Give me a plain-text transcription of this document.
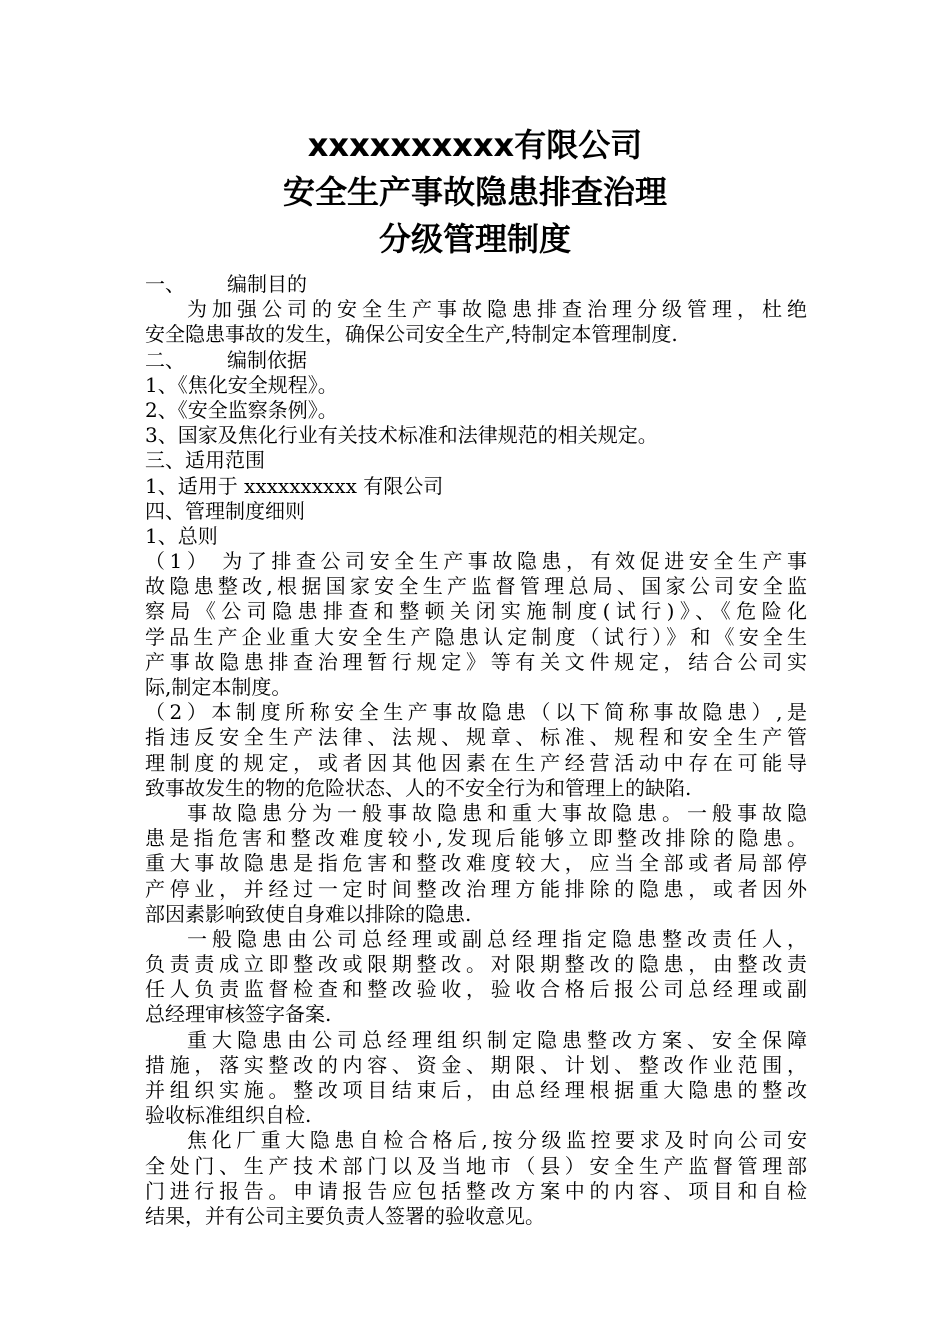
xxxxxxxxxx有限公司
安全生产事故隐患排查治理
分级管理制度
一、 编制目的
为加强公司的安全生产事故隐患排查治理分级管理，杜绝
安全隐患事故的发生，确保公司安全生产,特制定本管理制度.
二、 编制依据
1、《焦化安全规程》。
2、《安全监察条例》。
3、国家及焦化行业有关技术标准和法律规范的相关规定。
三、适用范围
1、适用于 xxxxxxxxxx 有限公司
四、管理制度细则
1、总则
（1） 为了排查公司安全生产事故隐患，有效促进安全生产事
故隐患整改,根据国家安全生产监督管理总局、国家公司安全监
察局《公司隐患排查和整顿关闭实施制度(试行)》、《危险化
学品生产企业重大安全生产隐患认定制度（试行）》和《安全生
产事故隐患排查治理暂行规定》等有关文件规定，结合公司实
际,制定本制度。
（2）本制度所称安全生产事故隐患（以下简称事故隐患）,是
指违反安全生产法律、法规、规章、标准、规程和安全生产管
理制度的规定，或者因其他因素在生产经营活动中存在可能导
致事故发生的物的危险状态、人的不安全行为和管理上的缺陷.
事故隐患分为一般事故隐患和重大事故隐患。一般事故隐
患是指危害和整改难度较小,发现后能够立即整改排除的隐患。
重大事故隐患是指危害和整改难度较大，应当全部或者局部停
产停业，并经过一定时间整改治理方能排除的隐患，或者因外
部因素影响致使自身难以排除的隐患.
一般隐患由公司总经理或副总经理指定隐患整改责任人，
负责责成立即整改或限期整改。对限期整改的隐患，由整改责
任人负责监督检查和整改验收，验收合格后报公司总经理或副
总经理审核签字备案.
重大隐患由公司总经理组织制定隐患整改方案、安全保障
措施，落实整改的内容、资金、期限、计划、整改作业范围，
并组织实施。整改项目结束后，由总经理根据重大隐患的整改
验收标准组织自检.
焦化厂重大隐患自检合格后,按分级监控要求及时向公司安
全处门、生产技术部门以及当地市（县）安全生产监督管理部
门进行报告。申请报告应包括整改方案中的内容、项目和自检
结果，并有公司主要负责人签署的验收意见。
